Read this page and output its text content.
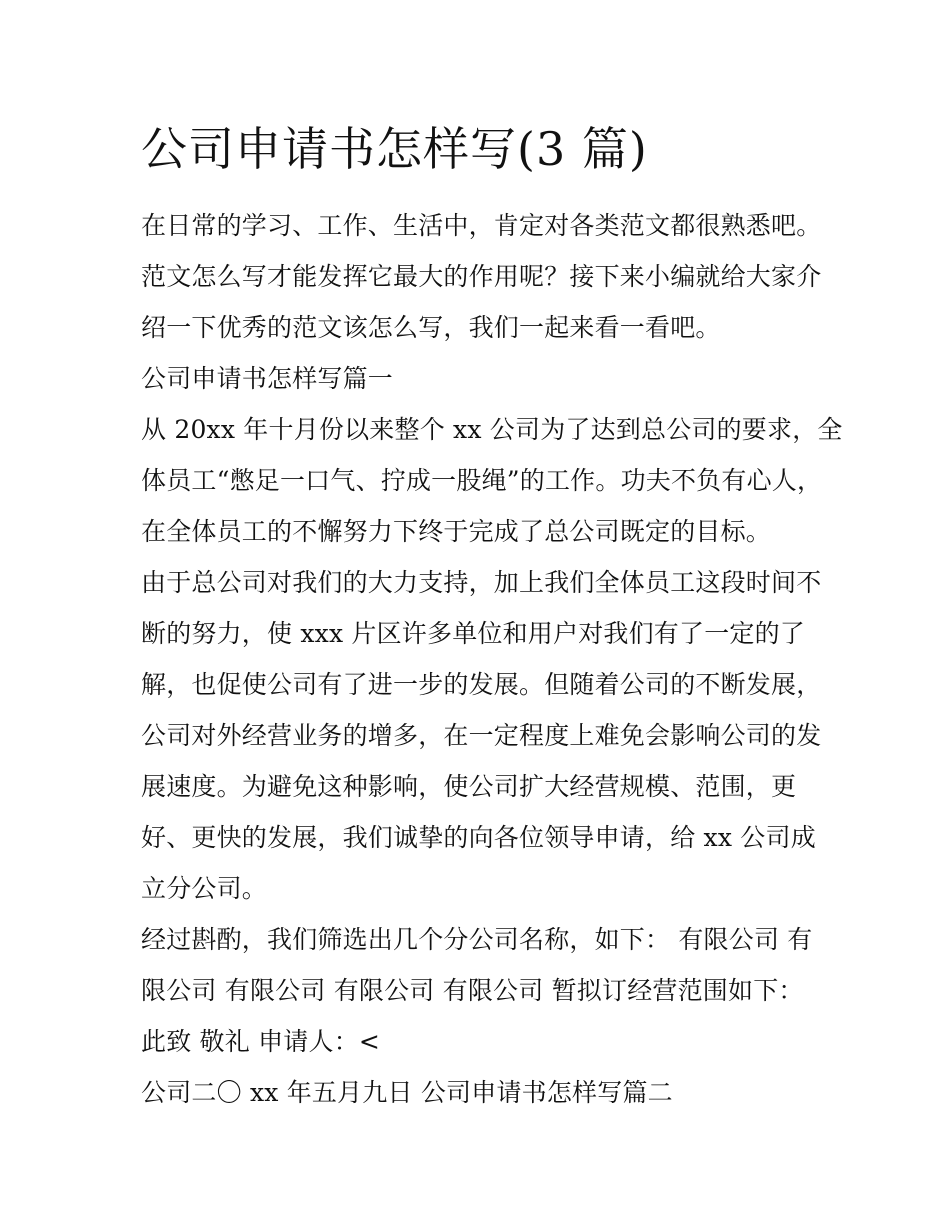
公司申请书怎样写(3 篇)

在日常的学习、工作、生活中，肯定对各类范文都很熟悉吧。

范文怎么写才能发挥它最大的作用呢？接下来小编就给大家介

绍一下优秀的范文该怎么写，我们一起来看一看吧。

公司申请书怎样写篇一

从 20xx 年十月份以来整个 xx 公司为了达到总公司的要求，全

体员工“憋足一口气、拧成一股绳”的工作。功夫不负有心人，

在全体员工的不懈努力下终于完成了总公司既定的目标。

由于总公司对我们的大力支持，加上我们全体员工这段时间不

断的努力，使 xxx 片区许多单位和用户对我们有了一定的了

解，也促使公司有了进一步的发展。但随着公司的不断发展，

公司对外经营业务的增多，在一定程度上难免会影响公司的发

展速度。为避免这种影响，使公司扩大经营规模、范围，更

好、更快的发展，我们诚挚的向各位领导申请，给 xx 公司成

立分公司。

经过斟酌，我们筛选出几个分公司名称，如下： 有限公司 有

限公司 有限公司 有限公司 有限公司 暂拟订经营范围如下：

此致 敬礼 申请人：<

公司二〇 xx 年五月九日 公司申请书怎样写篇二
